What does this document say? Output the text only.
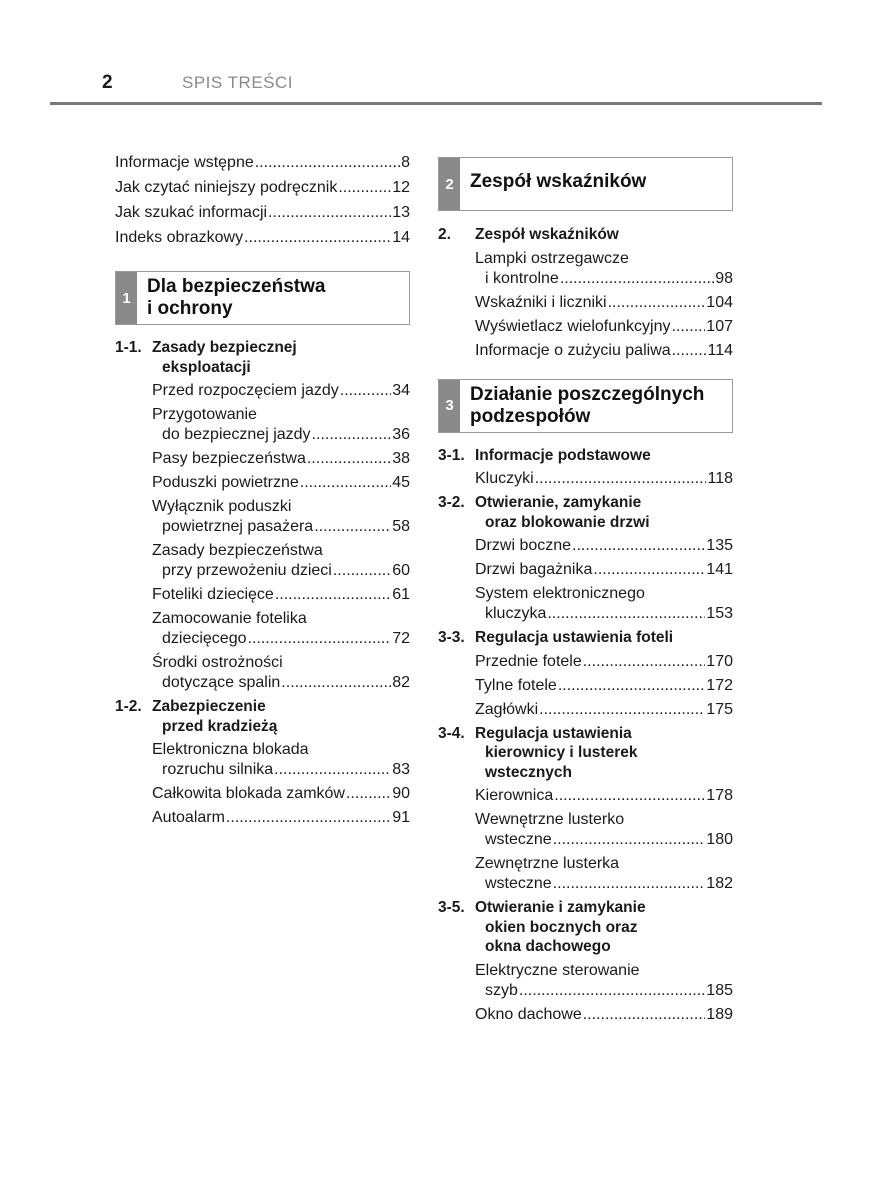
2	SPIS TREŚCI
Informacje wstępne .....	8
Jak czytać niniejszy podręcznik .....	12
Jak szukać informacji .....	13
Indeks obrazkowy .....	14
1
Dla bezpieczeństwa
i ochrony
1-1. Zasady bezpiecznej
eksploatacji
Przed rozpoczęciem jazdy .....	34
Przygotowanie
do bezpiecznej jazdy .....	36
Pasy bezpieczeństwa .....	38
Poduszki powietrzne .....	45
Wyłącznik poduszki
powietrznej pasażera .....	58
Zasady bezpieczeństwa
przy przewożeniu dzieci .....	60
Foteliki dziecięce .....	61
Zamocowanie fotelika
dziecięcego .....	72
Środki ostrożności
dotyczące spalin .....	82
1-2. Zabezpieczenie
przed kradzieżą
Elektroniczna blokada
rozruchu silnika .....	83
Całkowita blokada zamków .....	90
Autoalarm .....	91
2 Zespół wskaźników
2.	Zespół wskaźników
Lampki ostrzegawcze
i kontrolne .....	98
Wskaźniki i liczniki .....	104
Wyświetlacz wielofunkcyjny ..... 107
Informacje o zużyciu paliwa ..... 114
3
Działanie poszczególnych
podzespołów
3-1. Informacje podstawowe
Kluczyki .....	118
3-2. Otwieranie, zamykanie
oraz blokowanie drzwi
Drzwi boczne .....	135
Drzwi bagażnika .....	141
System elektronicznego
kluczyka .....	153
3-3. Regulacja ustawienia foteli
Przednie fotele .....	170
Tylne fotele .....	172
Zagłówki .....	175
3-4. Regulacja ustawienia
kierownicy i lusterek
wstecznych
Kierownica .....	178
Wewnętrzne lusterko
wsteczne .....	180
Zewnętrzne lusterka
wsteczne .....	182
3-5. Otwieranie i zamykanie
okien bocznych oraz
okna dachowego
Elektryczne sterowanie
szyb .....	185
Okno dachowe .....	189
